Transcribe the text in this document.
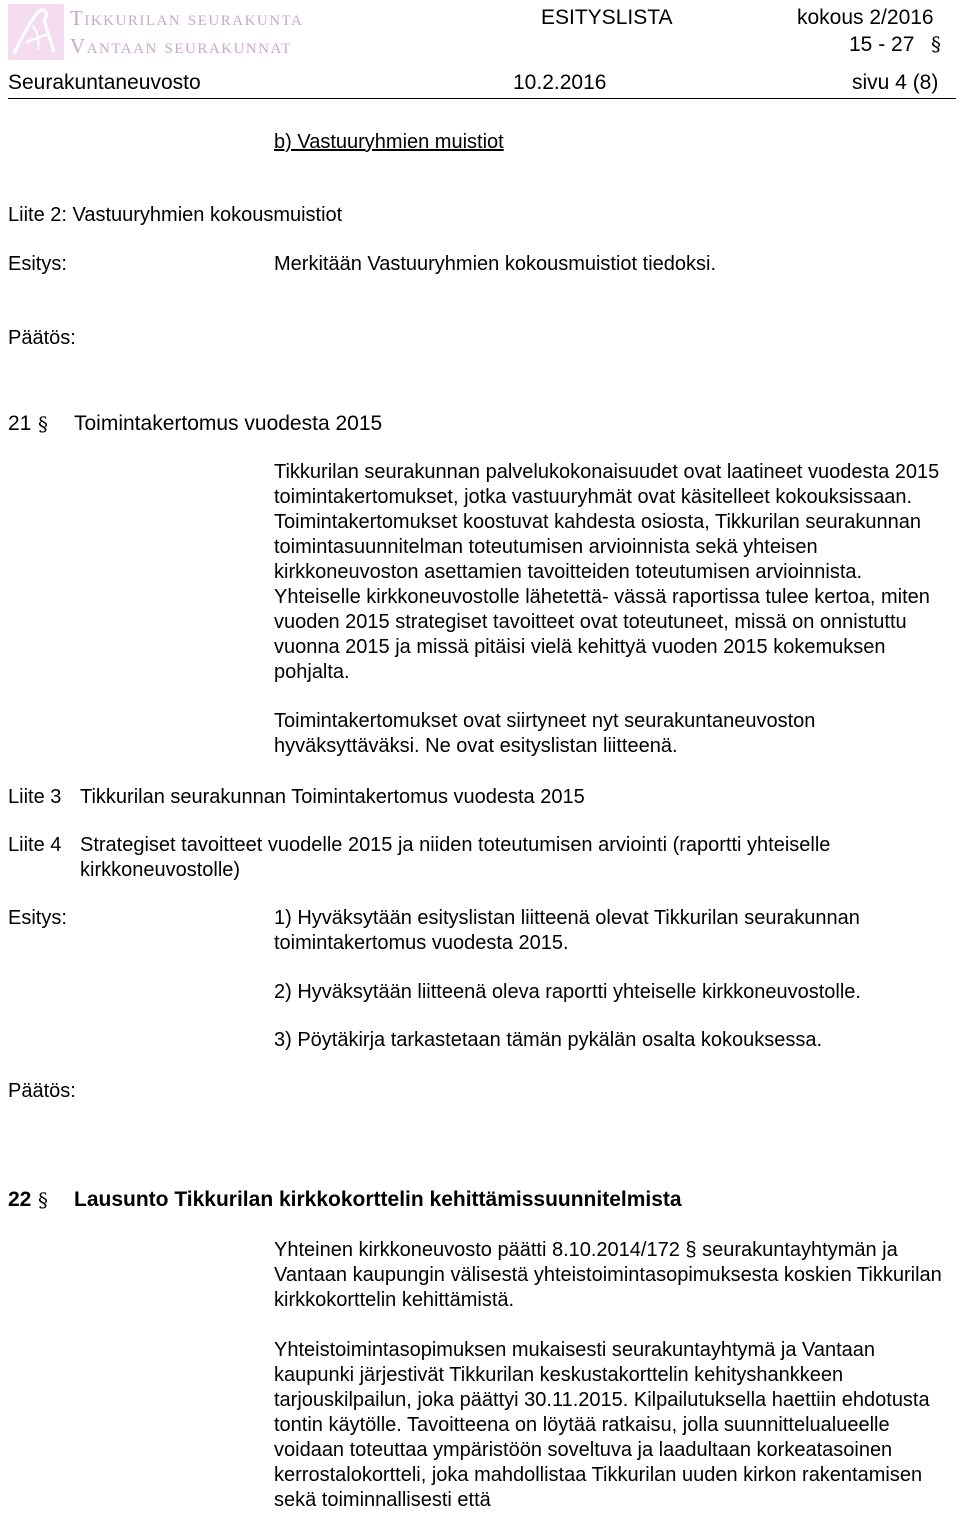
Tikkurilan seurakunta
Vantaan seurakunnat
ESITYSLISTA	kokous 2/2016
15 - 27 §
Seurakuntaneuvosto	10.2.2016	sivu 4 (8)
b) Vastuuryhmien muistiot
Liite 2: Vastuuryhmien kokousmuistiot
Esitys:	Merkitään Vastuuryhmien kokousmuistiot tiedoksi.
Päätös:
21 § Toimintakertomus vuodesta 2015

Tikkurilan seurakunnan palvelukokonaisuudet ovat laatineet vuodesta 2015 toimintakertomukset, jotka vastuuryhmät ovat käsitelleet kokouksissaan. Toimintakertomukset koostuvat kahdesta osiosta, Tikkurilan seurakunnan toimintasuunnitelman toteutumisen arvioinnista sekä yhteisen kirkkoneuvoston asettamien tavoitteiden toteutumisen arvioinnista. Yhteiselle kirkkoneuvostolle lähetettä- vässä raportissa tulee kertoa, miten vuoden 2015 strategiset tavoitteet ovat toteutuneet, missä on onnistuttu vuonna 2015 ja missä pitäisi vielä kehittyä vuoden 2015 kokemuksen pohjalta.

Toimintakertomukset ovat siirtyneet nyt seurakuntaneuvoston hyväksyttäväksi. Ne ovat esityslistan liitteenä.

Liite 3 Tikkurilan seurakunnan Toimintakertomus vuodesta 2015
Liite 4 Strategiset tavoitteet vuodelle 2015 ja niiden toteutumisen arviointi (raportti yhteiselle kirkkoneuvostolle)
Esitys:	1) Hyväksytään esityslistan liitteenä olevat Tikkurilan seurakunnan toimintakertomus vuodesta 2015.

2) Hyväksytään liitteenä oleva raportti yhteiselle kirkkoneuvostolle.

3) Pöytäkirja tarkastetaan tämän pykälän osalta kokouksessa.

Päätös:
22 § Lausunto Tikkurilan kirkkokorttelin kehittämissuunnitelmista

Yhteinen kirkkoneuvosto päätti 8.10.2014/172 § seurakuntayhtymän ja Vantaan kaupungin välisestä yhteistoimintasopimuksesta koskien Tikkurilan kirkkokorttelin kehittämistä.

Yhteistoimintasopimuksen mukaisesti seurakuntayhtymä ja Vantaan kaupunki järjestivät Tikkurilan keskustakorttelin kehityshankkeen tarjouskilpailun, joka päättyi 30.11.2015. Kilpailutuksella haettiin ehdotusta tontin käytölle. Tavoitteena on löytää ratkaisu, jolla suunnittelualueelle voidaan toteuttaa ympäristöön soveltuva ja laadultaan korkeatasoinen kerrostalokortteli, joka mahdollistaa Tikkurilan uuden kirkon rakentamisen sekä toiminnallisesti että
